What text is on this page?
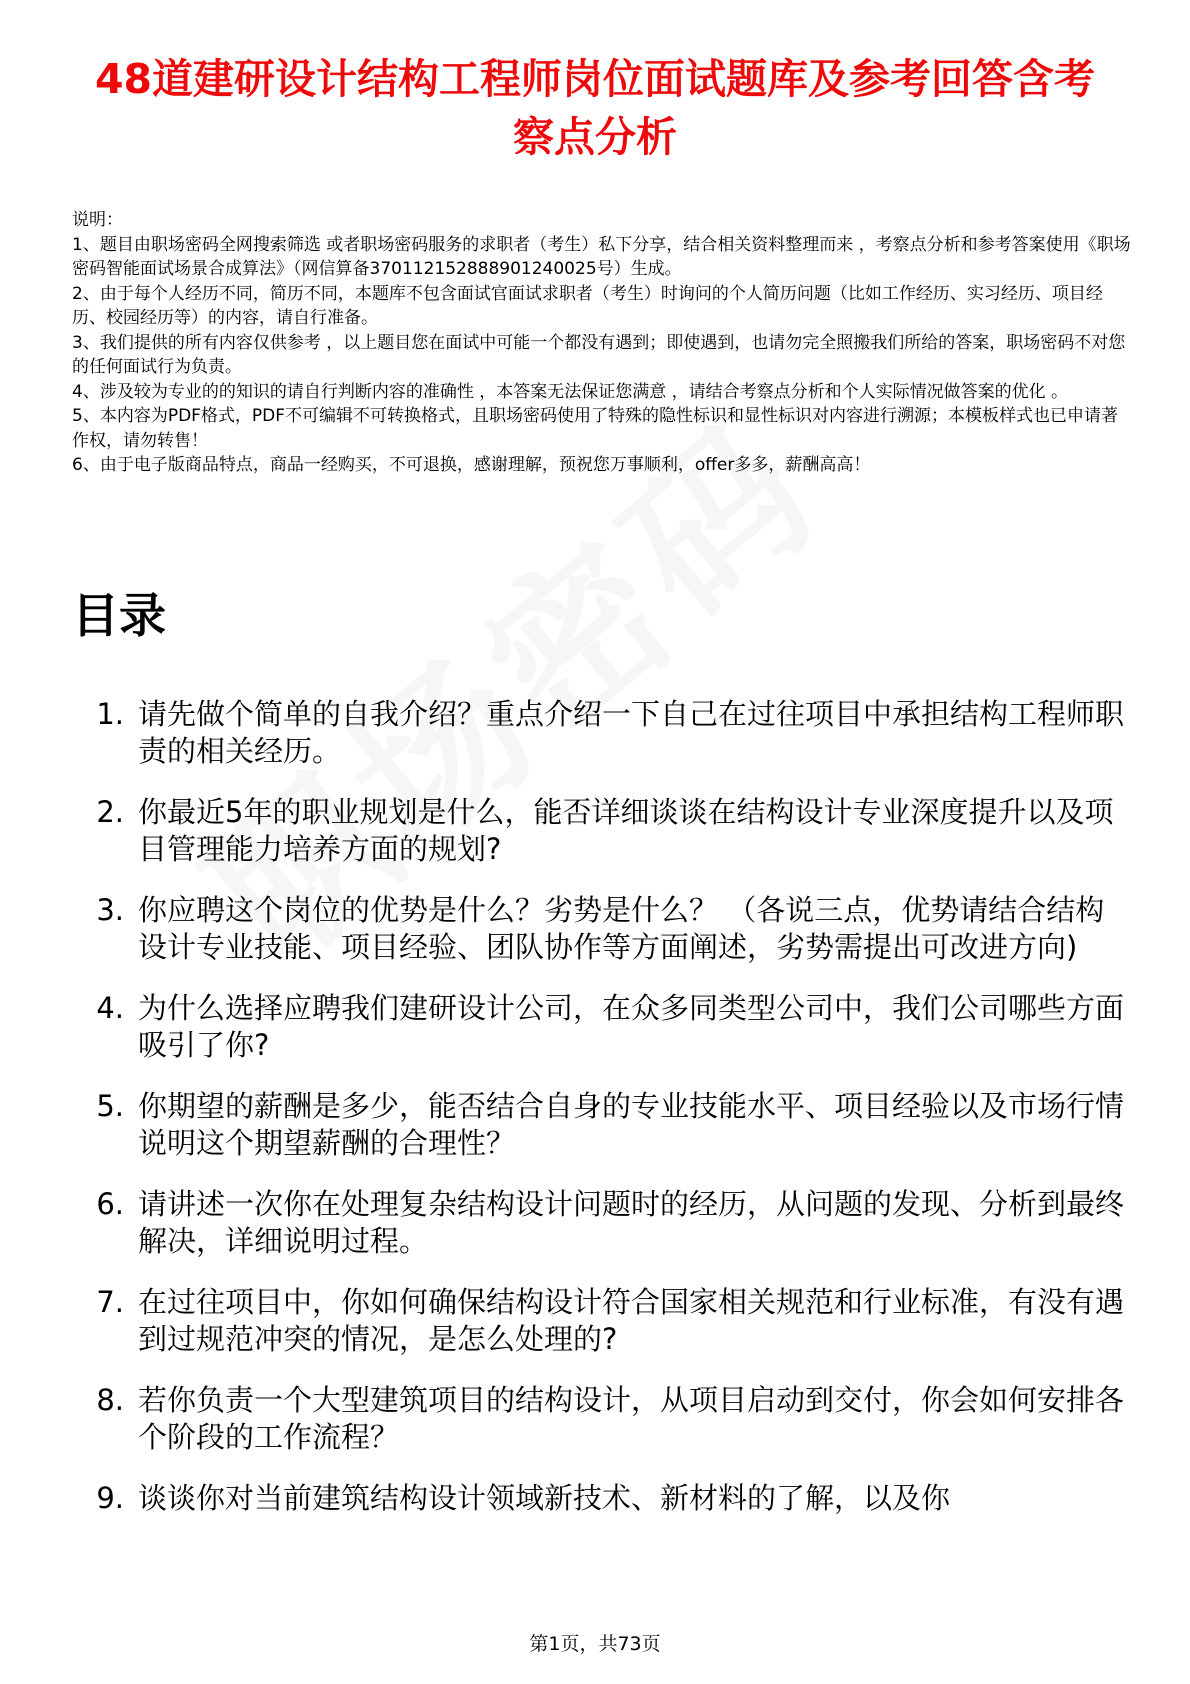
48道建研设计结构工程师岗位面试题库及参考回答含考察点分析

说明：

1、题目由职场密码全网搜索筛选 或者职场密码服务的求职者（考生）私下分享，结合相关资料整理而来 ，考察点分析和参考答案使用《职场密码智能面试场景合成算法》（网信算备370112152888901240025号）生成。

2、由于每个人经历不同，简历不同，本题库不包含面试官面试求职者（考生）时询问的个人简历问题（比如工作经历、实习经历、项目经历、校园经历等）的内容，请自行准备。

3、我们提供的所有内容仅供参考 ，以上题目您在面试中可能一个都没有遇到；即使遇到，也请勿完全照搬我们所给的答案，职场密码不对您的任何面试行为负责。

4、涉及较为专业的的知识的请自行判断内容的准确性 ，本答案无法保证您满意 ，请结合考察点分析和个人实际情况做答案的优化 。

5、本内容为PDF格式，PDF不可编辑不可转换格式，且职场密码使用了特殊的隐性标识和显性标识对内容进行溯源；本模板样式也已申请著作权，请勿转售！

6、由于电子版商品特点，商品一经购买，不可退换，感谢理解，预祝您万事顺利，offer多多，薪酬高高！

目录
1. 请先做个简单的自我介绍？重点介绍一下自己在过往项目中承担结构工程师职责的相关经历。
2. 你最近5年的职业规划是什么，能否详细谈谈在结构设计专业深度提升以及项目管理能力培养方面的规划?
3. 你应聘这个岗位的优势是什么？劣势是什么？ （各说三点，优势请结合结构设计专业技能、项目经验、团队协作等方面阐述，劣势需提出可改进方向)
4. 为什么选择应聘我们建研设计公司，在众多同类型公司中，我们公司哪些方面吸引了你?
5. 你期望的薪酬是多少，能否结合自身的专业技能水平、项目经验以及市场行情说明这个期望薪酬的合理性？
6. 请讲述一次你在处理复杂结构设计问题时的经历，从问题的发现、分析到最终解决，详细说明过程。
7. 在过往项目中，你如何确保结构设计符合国家相关规范和行业标准，有没有遇到过规范冲突的情况，是怎么处理的?
8. 若你负责一个大型建筑项目的结构设计，从项目启动到交付，你会如何安排各个阶段的工作流程？
9. 谈谈你对当前建筑结构设计领域新技术、新材料的了解，以及你
第1页，共73页
